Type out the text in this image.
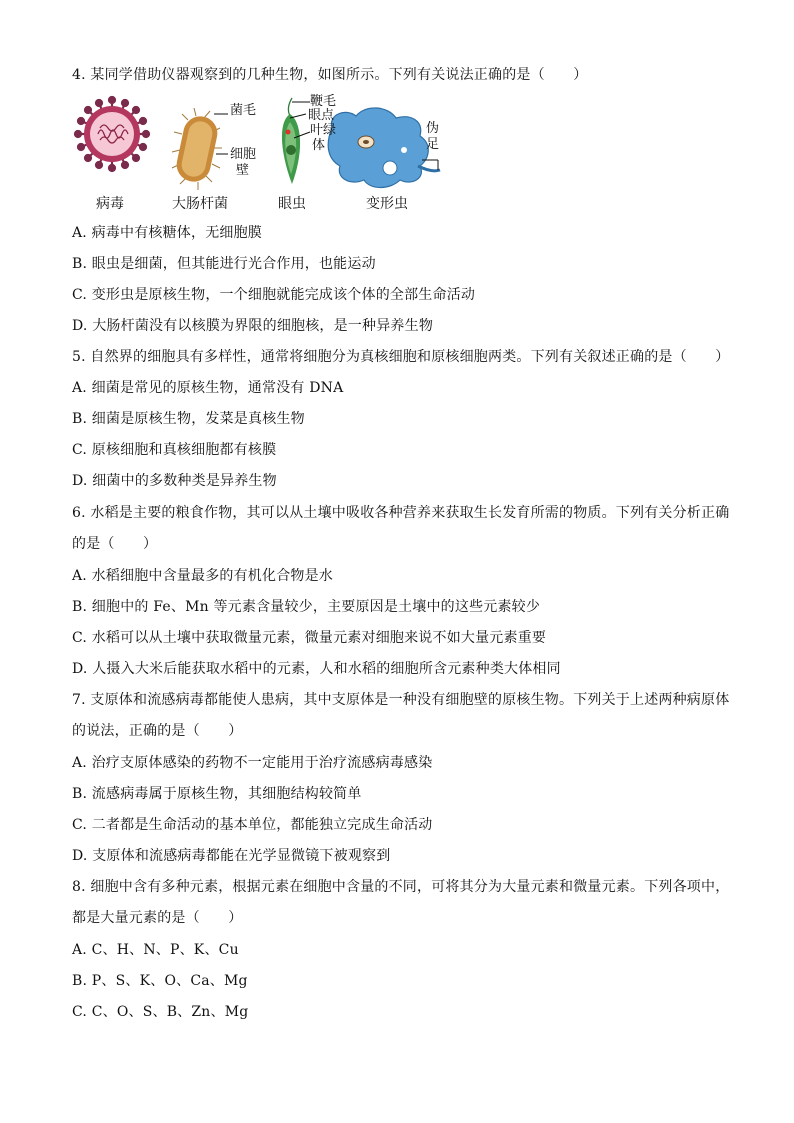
4. 某同学借助仪器观察到的几种生物，如图所示。下列有关说法正确的是（　　）
菌毛
细胞
壁
鞭毛
眼点
叶绿
体
伪
足
病毒	大肠杆菌	眼虫	变形虫
A. 病毒中有核糖体，无细胞膜
B. 眼虫是细菌，但其能进行光合作用，也能运动
C. 变形虫是原核生物，一个细胞就能完成该个体的全部生命活动
D. 大肠杆菌没有以核膜为界限的细胞核，是一种异养生物
5. 自然界的细胞具有多样性，通常将细胞分为真核细胞和原核细胞两类。下列有关叙述正确的是（　　）
A. 细菌是常见的原核生物，通常没有 DNA
B. 细菌是原核生物，发菜是真核生物
C. 原核细胞和真核细胞都有核膜
D. 细菌中的多数种类是异养生物
6. 水稻是主要的粮食作物，其可以从土壤中吸收各种营养来获取生长发育所需的物质。下列有关分析正确
的是（　　）
A. 水稻细胞中含量最多的有机化合物是水
B. 细胞中的 Fe、Mn 等元素含量较少，主要原因是土壤中的这些元素较少
C. 水稻可以从土壤中获取微量元素，微量元素对细胞来说不如大量元素重要
D. 人摄入大米后能获取水稻中的元素，人和水稻的细胞所含元素种类大体相同
7. 支原体和流感病毒都能使人患病，其中支原体是一种没有细胞壁的原核生物。下列关于上述两种病原体
的说法，正确的是（　　）
A. 治疗支原体感染的药物不一定能用于治疗流感病毒感染
B. 流感病毒属于原核生物，其细胞结构较简单
C. 二者都是生命活动的基本单位，都能独立完成生命活动
D. 支原体和流感病毒都能在光学显微镜下被观察到
8. 细胞中含有多种元素，根据元素在细胞中含量的不同，可将其分为大量元素和微量元素。下列各项中，
都是大量元素的是（　　）
A. C、H、N、P、K、Cu
B. P、S、K、O、Ca、Mg
C. C、O、S、B、Zn、Mg
